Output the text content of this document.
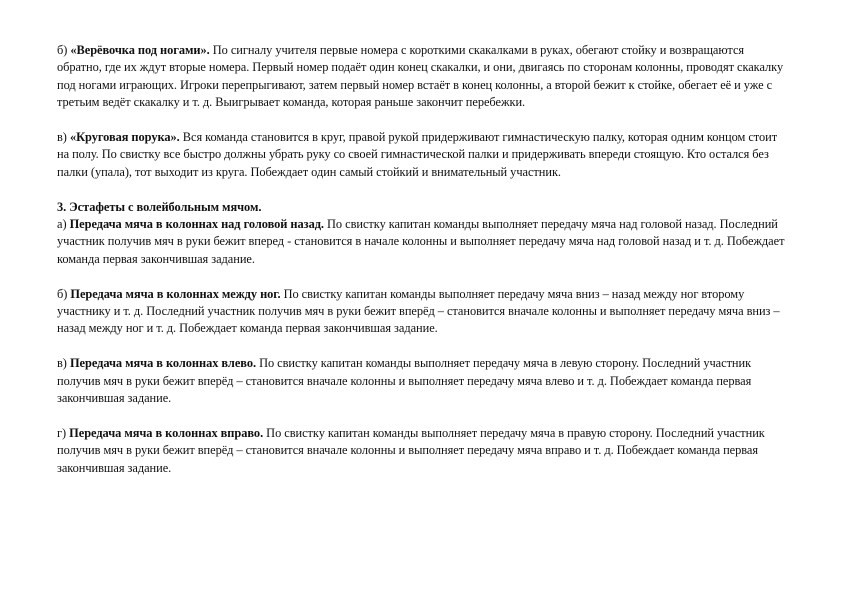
б) «Верёвочка под ногами». По сигналу учителя первые номера с короткими скакалками в руках, обегают стойку и возвращаются обратно, где их ждут вторые номера. Первый номер подаёт один конец скакалки, и они, двигаясь по сторонам колонны, проводят скакалку под ногами играющих. Игроки перепрыгивают, затем первый номер встаёт в конец колонны, а второй бежит к стойке, обегает её и уже с третьим ведёт скакалку и т. д. Выигрывает команда, которая раньше закончит перебежки.

в) «Круговая порука». Вся команда становится в круг, правой рукой придерживают гимнастическую палку, которая одним концом стоит на полу. По свистку все быстро должны убрать руку со своей гимнастической палки и придерживать впереди стоящую. Кто остался без палки (упала), тот выходит из круга. Побеждает один самый стойкий и внимательный участник.

3. Эстафеты с волейбольным мячом.

а) Передача мяча в колоннах над головой назад. По свистку капитан команды выполняет передачу мяча над головой назад. Последний участник получив мяч в руки бежит вперед - становится в начале колонны и выполняет передачу мяча над головой назад и т. д. Побеждает команда первая закончившая задание.

б) Передача мяча в колоннах между ног. По свистку капитан команды выполняет передачу мяча вниз – назад между ног второму участнику и т. д. Последний участник получив мяч в руки бежит вперёд – становится вначале колонны и выполняет передачу мяча вниз – назад между ног и т. д. Побеждает команда первая закончившая задание.

в) Передача мяча в колоннах влево. По свистку капитан команды выполняет передачу мяча в левую сторону. Последний участник получив мяч в руки бежит вперёд – становится вначале колонны и выполняет передачу мяча влево и т. д. Побеждает команда первая закончившая задание.

г) Передача мяча в колоннах вправо. По свистку капитан команды выполняет передачу мяча в правую сторону. Последний участник получив мяч в руки бежит вперёд – становится вначале колонны и выполняет передачу мяча вправо и т. д. Побеждает команда первая закончившая задание.
